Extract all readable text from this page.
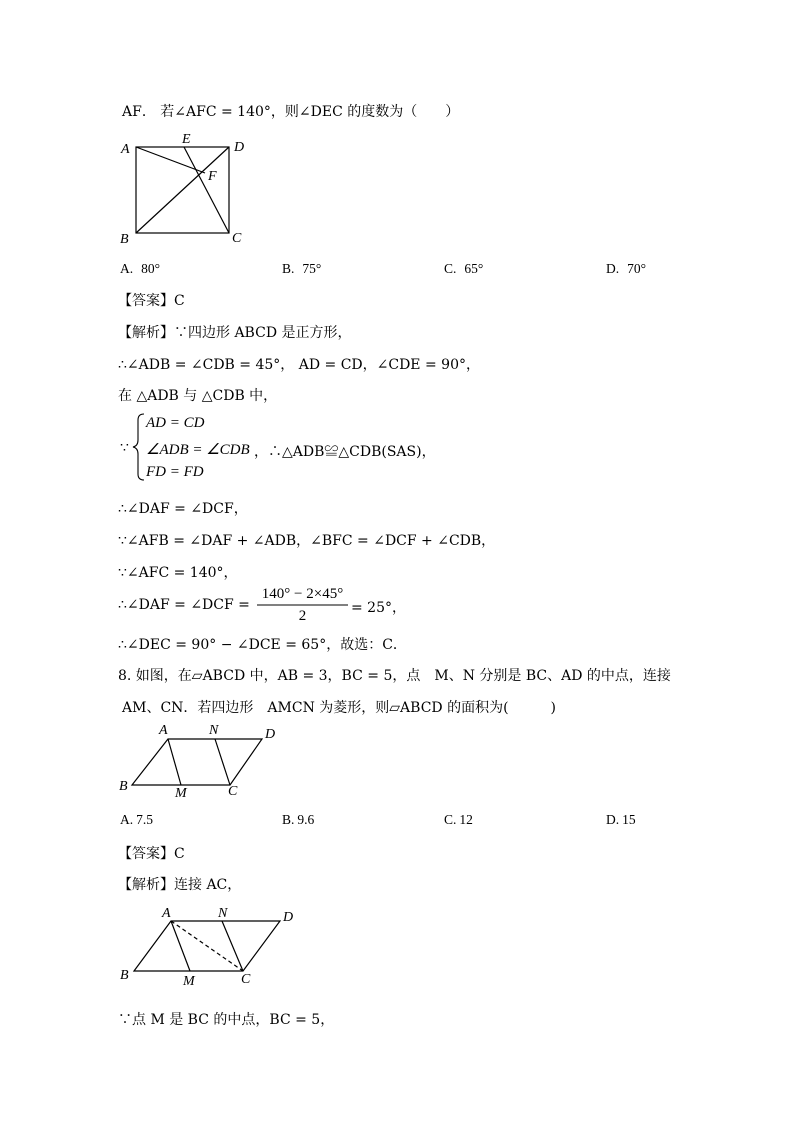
AF． 若∠AFC = 140°，则∠DEC 的度数为（　　）
A
E
D
F
B	C
A	N	D
B	M	C
A	N	D
B	M	C
A. 80°	B. 75°	C. 65°	D. 70°
【答案】C
【解析】∵四边形 ABCD 是正方形，
∴∠ADB = ∠CDB = 45°， AD = CD，∠CDE = 90°，
在 △ADB 与 △CDB 中，
∵
AD = CD
∠ADB = ∠CDB
FD = FD
，∴△ADB≌△CDB(SAS)，
∴∠DAF = ∠DCF，
∵∠AFB = ∠DAF + ∠ADB，∠BFC = ∠DCF + ∠CDB，
∵∠AFC = 140°，
∴∠DAF = ∠DCF =
140° − 2×45°
2	= 25°，
∴∠DEC = 90° − ∠DCE = 65°，故选：C．
8. 如图，在▱ABCD 中，AB = 3，BC = 5，点　M、N 分别是 BC、AD 的中点，连接
AM、CN．若四边形　AMCN 为菱形，则▱ABCD 的面积为(　　　)
A. 7.5	B. 9.6	C. 12	D. 15
【答案】C
【解析】连接 AC，
∵点 M 是 BC 的中点，BC = 5，
